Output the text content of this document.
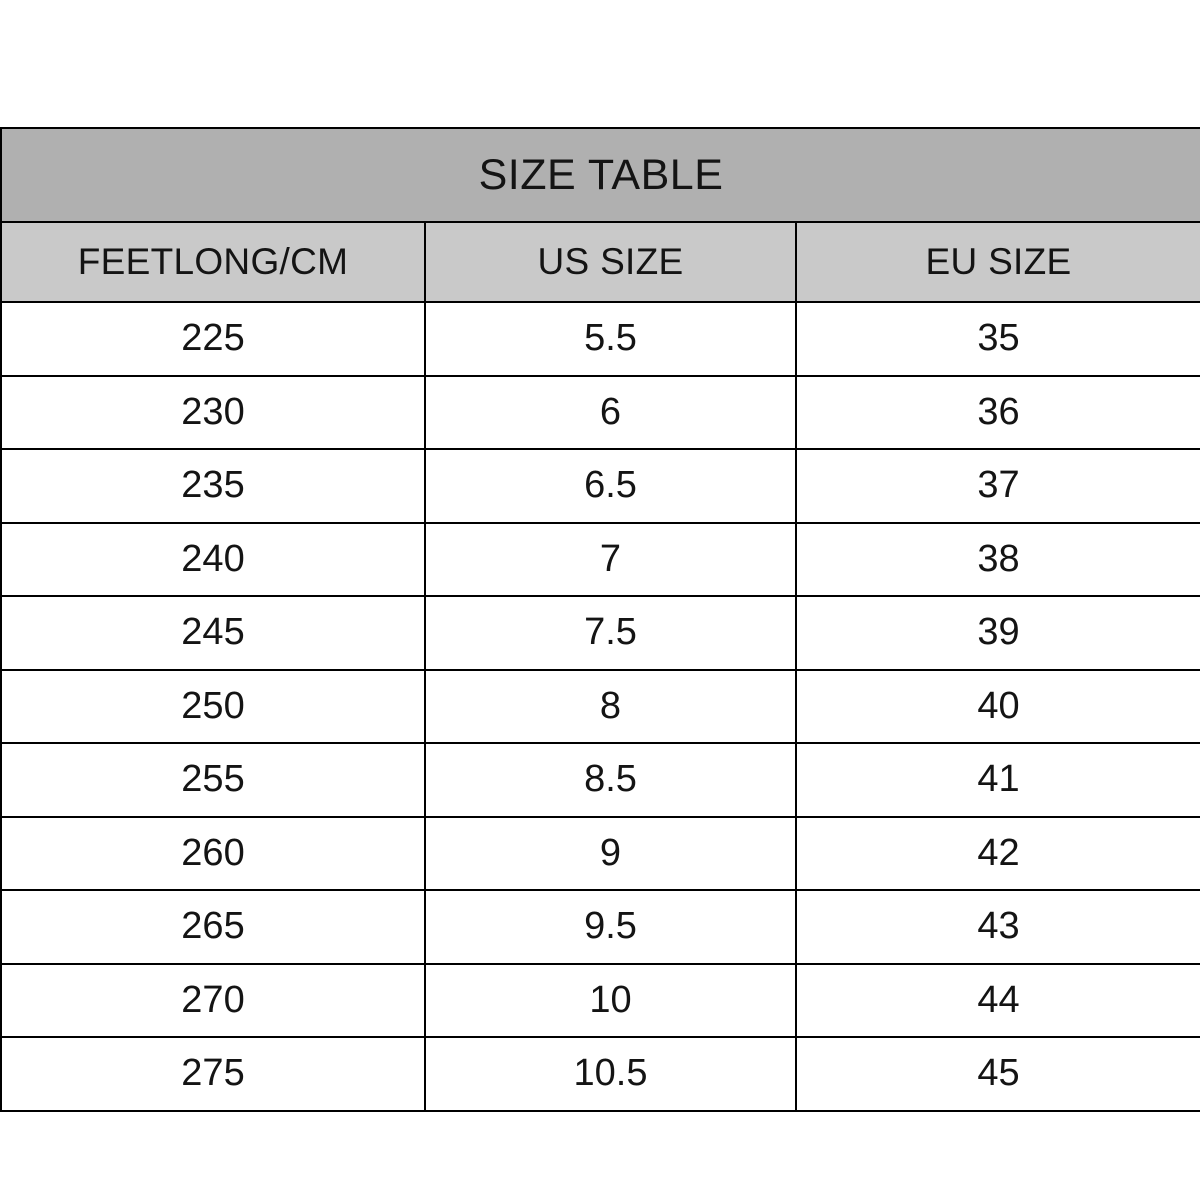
SIZE TABLE		
FEETLONG/CM	US SIZE	EU SIZE
225	5.5	35
230	6	36
235	6.5	37
240	7	38
245	7.5	39
250	8	40
255	8.5	41
260	9	42
265	9.5	43
270	10	44
275	10.5	45
